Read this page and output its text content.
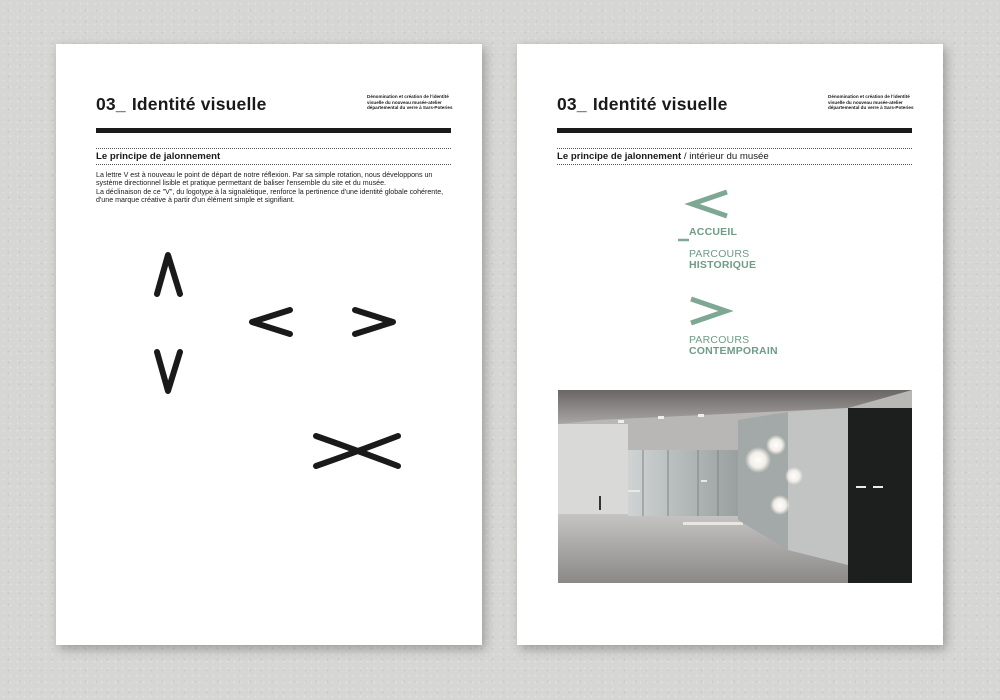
03_ Identité visuelle	Dénomination et création de l'identité visuelle du nouveau musée-atelier départemental du verre à Sars-Poteries
Le principe de jalonnement
La lettre V est à nouveau le point de départ de notre réflexion. Par sa simple rotation, nous développons un système directionnel lisible et pratique permettant de baliser l'ensemble du site et du musée.
La déclinaison de ce "V", du logotype à la signalétique, renforce la pertinence d'une identité globale cohérente, d'une marque créative à partir d'un élément simple et signifiant.
03_ Identité visuelle	Dénomination et création de l'identité visuelle du nouveau musée-atelier départemental du verre à Sars-Poteries
Le principe de jalonnement / intérieur du musée
ACCUEIL
PARCOURS
HISTORIQUE
PARCOURS
CONTEMPORAIN
